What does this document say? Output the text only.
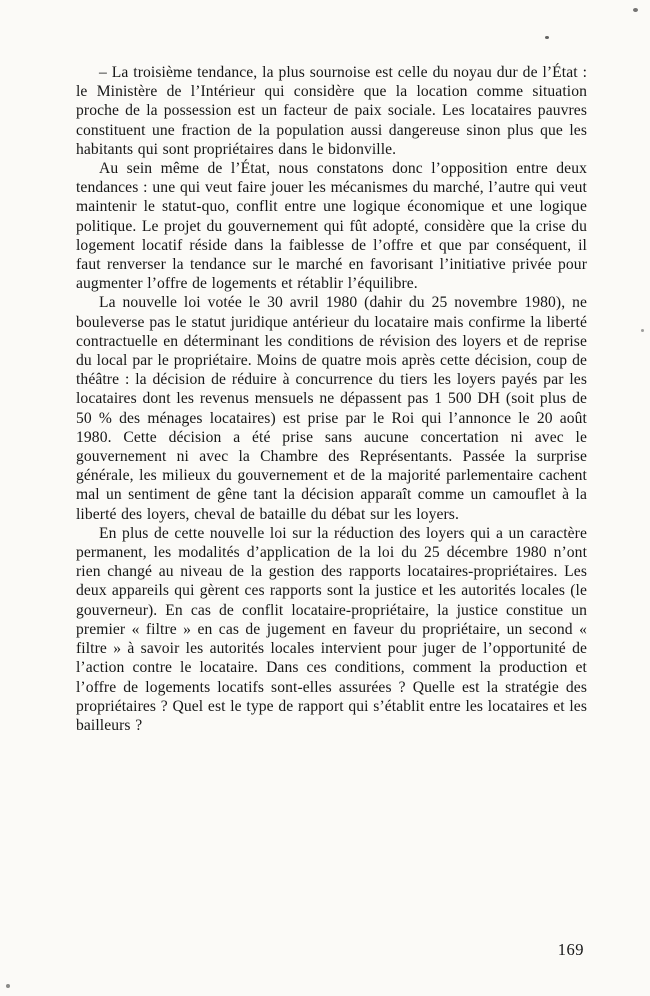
– La troisième tendance, la plus sournoise est celle du noyau dur de l’État : le Ministère de l’Intérieur qui considère que la location comme situation proche de la possession est un facteur de paix sociale. Les locataires pauvres constituent une fraction de la population aussi dangereuse sinon plus que les habitants qui sont propriétaires dans le bidonville.

Au sein même de l’État, nous constatons donc l’opposition entre deux tendances : une qui veut faire jouer les mécanismes du marché, l’autre qui veut maintenir le statut-quo, conflit entre une logique économique et une logique politique. Le projet du gouvernement qui fût adopté, considère que la crise du logement locatif réside dans la faiblesse de l’offre et que par conséquent, il faut renverser la tendance sur le marché en favorisant l’initiative privée pour augmenter l’offre de logements et rétablir l’équilibre.

La nouvelle loi votée le 30 avril 1980 (dahir du 25 novembre 1980), ne bouleverse pas le statut juridique antérieur du locataire mais confirme la liberté contractuelle en déterminant les conditions de révision des loyers et de reprise du local par le propriétaire. Moins de quatre mois après cette décision, coup de théâtre : la décision de réduire à concurrence du tiers les loyers payés par les locataires dont les revenus mensuels ne dépassent pas 1 500 DH (soit plus de 50 % des ménages locataires) est prise par le Roi qui l’annonce le 20 août 1980. Cette décision a été prise sans aucune concertation ni avec le gouvernement ni avec la Chambre des Représentants. Passée la surprise générale, les milieux du gouvernement et de la majorité parlementaire cachent mal un sentiment de gêne tant la décision apparaît comme un camouflet à la liberté des loyers, cheval de bataille du débat sur les loyers.

En plus de cette nouvelle loi sur la réduction des loyers qui a un caractère permanent, les modalités d’application de la loi du 25 décembre 1980 n’ont rien changé au niveau de la gestion des rapports locataires-propriétaires. Les deux appareils qui gèrent ces rapports sont la justice et les autorités locales (le gouverneur). En cas de conflit locataire-propriétaire, la justice constitue un premier « filtre » en cas de jugement en faveur du propriétaire, un second « filtre » à savoir les autorités locales intervient pour juger de l’opportunité de l’action contre le locataire. Dans ces conditions, comment la production et l’offre de logements locatifs sont-elles assurées ? Quelle est la stratégie des propriétaires ? Quel est le type de rapport qui s’établit entre les locataires et les bailleurs ?

169
